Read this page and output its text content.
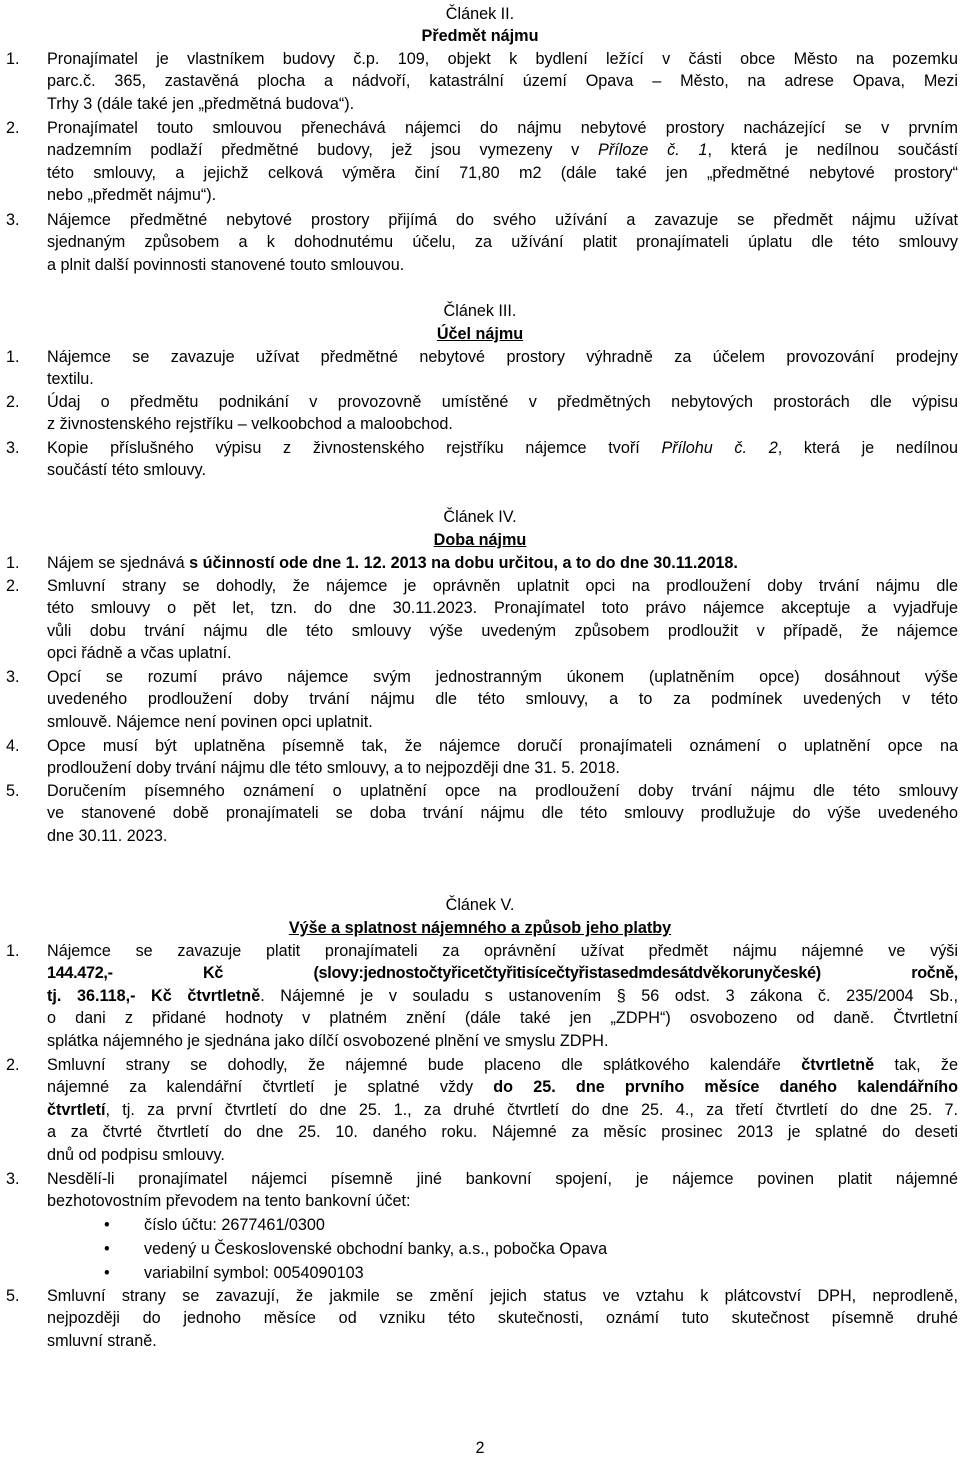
Článek II.
Předmět nájmu
1. Pronajímatel je vlastníkem budovy č.p. 109, objekt k bydlení ležící v části obce Město na pozemku
parc.č. 365, zastavěná plocha a nádvoří, katastrální území Opava – Město, na adrese Opava, Mezi
Trhy 3 (dále také jen „předmětná budova“).
2. Pronajímatel touto smlouvou přenechává nájemci do nájmu nebytové prostory nacházející se v prvním
nadzemním podlaží předmětné budovy, jež jsou vymezeny v Příloze č. 1, která je nedílnou součástí
této smlouvy, a jejichž celková výměra činí 71,80 m2 (dále také jen „předmětné nebytové prostory“
nebo „předmět nájmu“).
3. Nájemce předmětné nebytové prostory přijímá do svého užívání a zavazuje se předmět nájmu užívat
sjednaným způsobem a k dohodnutému účelu, za užívání platit pronajímateli úplatu dle této smlouvy
a plnit další povinnosti stanovené touto smlouvou.
Článek III.
Účel nájmu
1. Nájemce se zavazuje užívat předmětné nebytové prostory výhradně za účelem provozování prodejny
textilu.
2. Údaj o předmětu podnikání v provozovně umístěné v předmětných nebytových prostorách dle výpisu
z živnostenského rejstříku – velkoobchod a maloobchod.
3. Kopie příslušného výpisu z živnostenského rejstříku nájemce tvoří Přílohu č. 2, která je nedílnou
součástí této smlouvy.
Článek IV.
Doba nájmu
1. Nájem se sjednává s účinností ode dne 1. 12. 2013 na dobu určitou, a to do dne 30.11.2018.
2. Smluvní strany se dohodly, že nájemce je oprávněn uplatnit opci na prodloužení doby trvání nájmu dle
této smlouvy o pět let, tzn. do dne 30.11.2023. Pronajímatel toto právo nájemce akceptuje a vyjadřuje
vůli dobu trvání nájmu dle této smlouvy výše uvedeným způsobem prodloužit v případě, že nájemce
opci řádně a včas uplatní.
3. Opcí se rozumí právo nájemce svým jednostranným úkonem (uplatněním opce) dosáhnout výše
uvedeného prodloužení doby trvání nájmu dle této smlouvy, a to za podmínek uvedených v této
smlouvě. Nájemce není povinen opci uplatnit.
4. Opce musí být uplatněna písemně tak, že nájemce doručí pronajímateli oznámení o uplatnění opce na
prodloužení doby trvání nájmu dle této smlouvy, a to nejpozději dne 31. 5. 2018.
5. Doručením písemného oznámení o uplatnění opce na prodloužení doby trvání nájmu dle této smlouvy
ve stanovené době pronajímateli se doba trvání nájmu dle této smlouvy prodlužuje do výše uvedeného
dne 30.11. 2023.
Článek V.
Výše a splatnost nájemného a způsob jeho platby
1. Nájemce se zavazuje platit pronajímateli za oprávnění užívat předmět nájmu nájemné ve výši
144.472,- Kč (slovy:jednostočtyřicetčtyřitisícečtyřistasedmdesátdvěkorunyčeské) ročně,
tj. 36.118,- Kč čtvrtletně. Nájemné je v souladu s ustanovením § 56 odst. 3 zákona č. 235/2004 Sb.,
o dani z přidané hodnoty v platném znění (dále také jen „ZDPH“) osvobozeno od daně. Čtvrtletní
splátka nájemného je sjednána jako dílčí osvobozené plnění ve smyslu ZDPH.
2. Smluvní strany se dohodly, že nájemné bude placeno dle splátkového kalendáře čtvrtletně tak, že
nájemné za kalendářní čtvrtletí je splatné vždy do 25. dne prvního měsíce daného kalendářního
čtvrtletí, tj. za první čtvrtletí do dne 25. 1., za druhé čtvrtletí do dne 25. 4., za třetí čtvrtletí do dne 25. 7.
a za čtvrté čtvrtletí do dne 25. 10. daného roku. Nájemné za měsíc prosinec 2013 je splatné do deseti
dnů od podpisu smlouvy.
3. Nesdělí-li pronajímatel nájemci písemně jiné bankovní spojení, je nájemce povinen platit nájemné
bezhotovostním převodem na tento bankovní účet:
• číslo účtu: 2677461/0300
• vedený u Československé obchodní banky, a.s., pobočka Opava
• variabilní symbol: 0054090103
5. Smluvní strany se zavazují, že jakmile se změní jejich status ve vztahu k plátcovství DPH, neprodleně,
nejpozději do jednoho měsíce od vzniku této skutečnosti, oznámí tuto skutečnost písemně druhé
smluvní straně.
2
